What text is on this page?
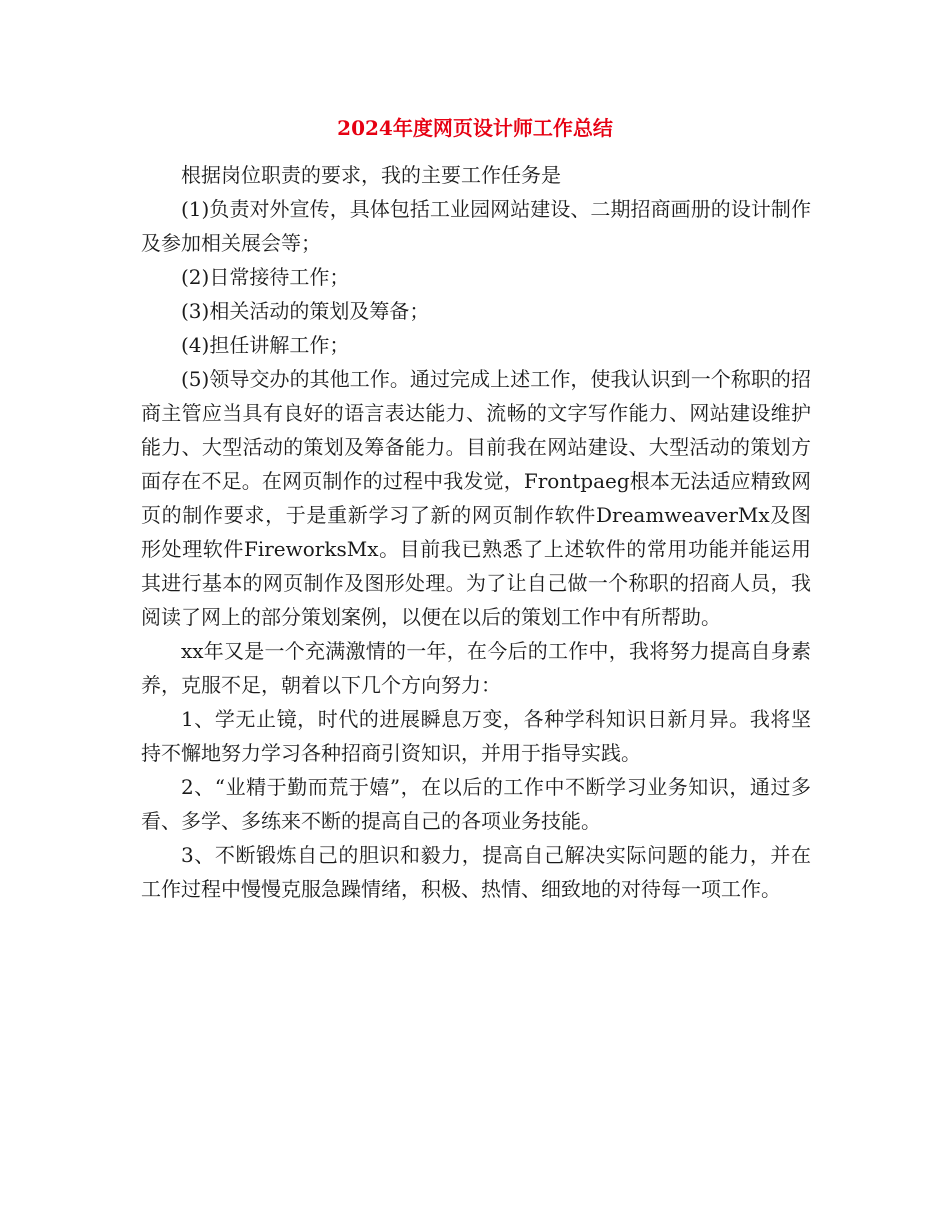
2024年度网页设计师工作总结

根据岗位职责的要求，我的主要工作任务是

(1)负责对外宣传，具体包括工业园网站建设、二期招商画册的设计制作及参加相关展会等；

(2)日常接待工作；

(3)相关活动的策划及筹备；

(4)担任讲解工作；

(5)领导交办的其他工作。通过完成上述工作，使我认识到一个称职的招商主管应当具有良好的语言表达能力、流畅的文字写作能力、网站建设维护能力、大型活动的策划及筹备能力。目前我在网站建设、大型活动的策划方面存在不足。在网页制作的过程中我发觉，Frontpaeg根本无法适应精致网页的制作要求，于是重新学习了新的网页制作软件DreamweaverMx及图形处理软件FireworksMx。目前我已熟悉了上述软件的常用功能并能运用其进行基本的网页制作及图形处理。为了让自己做一个称职的招商人员，我阅读了网上的部分策划案例，以便在以后的策划工作中有所帮助。

xx年又是一个充满激情的一年，在今后的工作中，我将努力提高自身素养，克服不足，朝着以下几个方向努力：

1、学无止镜，时代的进展瞬息万变，各种学科知识日新月异。我将坚持不懈地努力学习各种招商引资知识，并用于指导实践。

2、“业精于勤而荒于嬉”，在以后的工作中不断学习业务知识，通过多看、多学、多练来不断的提高自己的各项业务技能。

3、不断锻炼自己的胆识和毅力，提高自己解决实际问题的能力，并在工作过程中慢慢克服急躁情绪，积极、热情、细致地的对待每一项工作。
